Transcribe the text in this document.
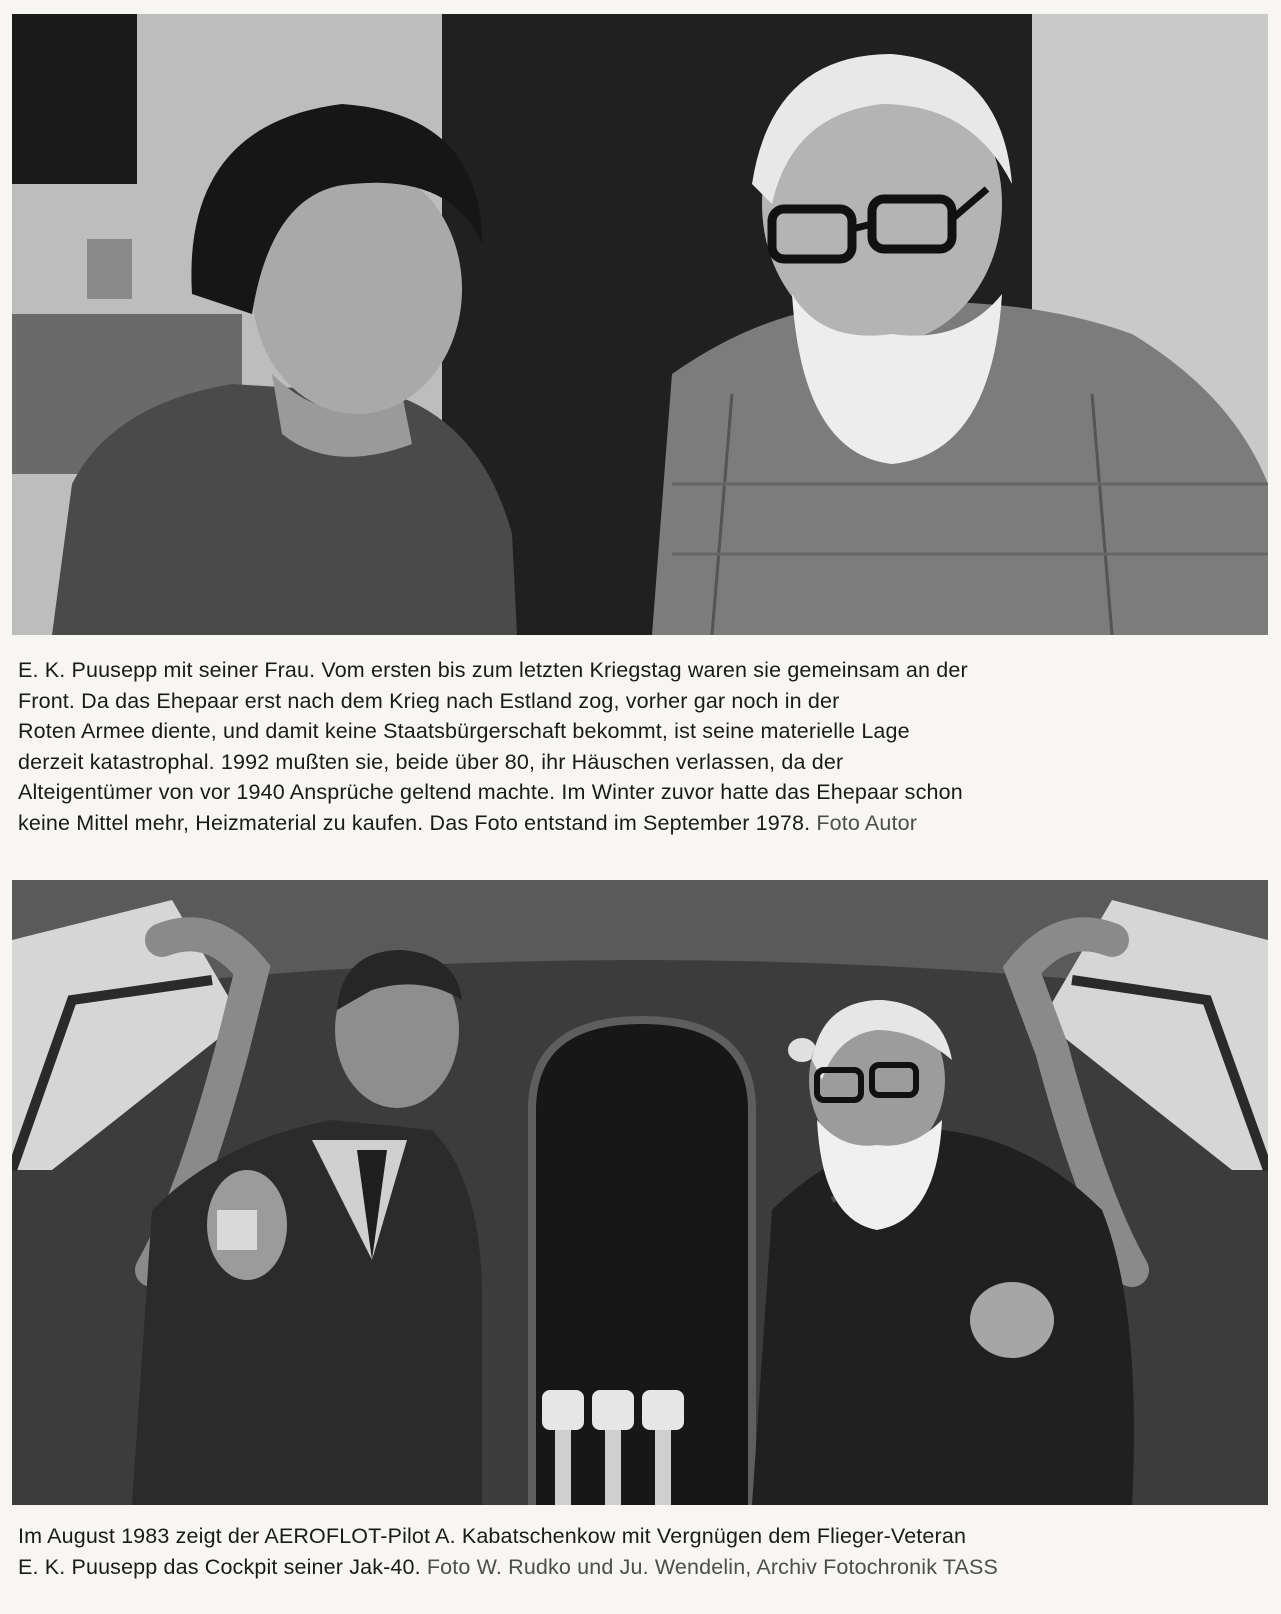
E. K. Puusepp mit seiner Frau. Vom ersten bis zum letzten Kriegstag waren sie gemeinsam an der
Front. Da das Ehepaar erst nach dem Krieg nach Estland zog, vorher gar noch in der
Roten Armee diente, und damit keine Staatsbürgerschaft bekommt, ist seine materielle Lage
derzeit katastrophal. 1992 mußten sie, beide über 80, ihr Häuschen verlassen, da der
Alteigentümer von vor 1940 Ansprüche geltend machte. Im Winter zuvor hatte das Ehepaar schon
keine Mittel mehr, Heizmaterial zu kaufen. Das Foto entstand im September 1978. Foto Autor
Im August 1983 zeigt der AEROFLOT-Pilot A. Kabatschenkow mit Vergnügen dem Flieger-Veteran
E. K. Puusepp das Cockpit seiner Jak-40. Foto W. Rudko und Ju. Wendelin, Archiv Fotochronik TASS
